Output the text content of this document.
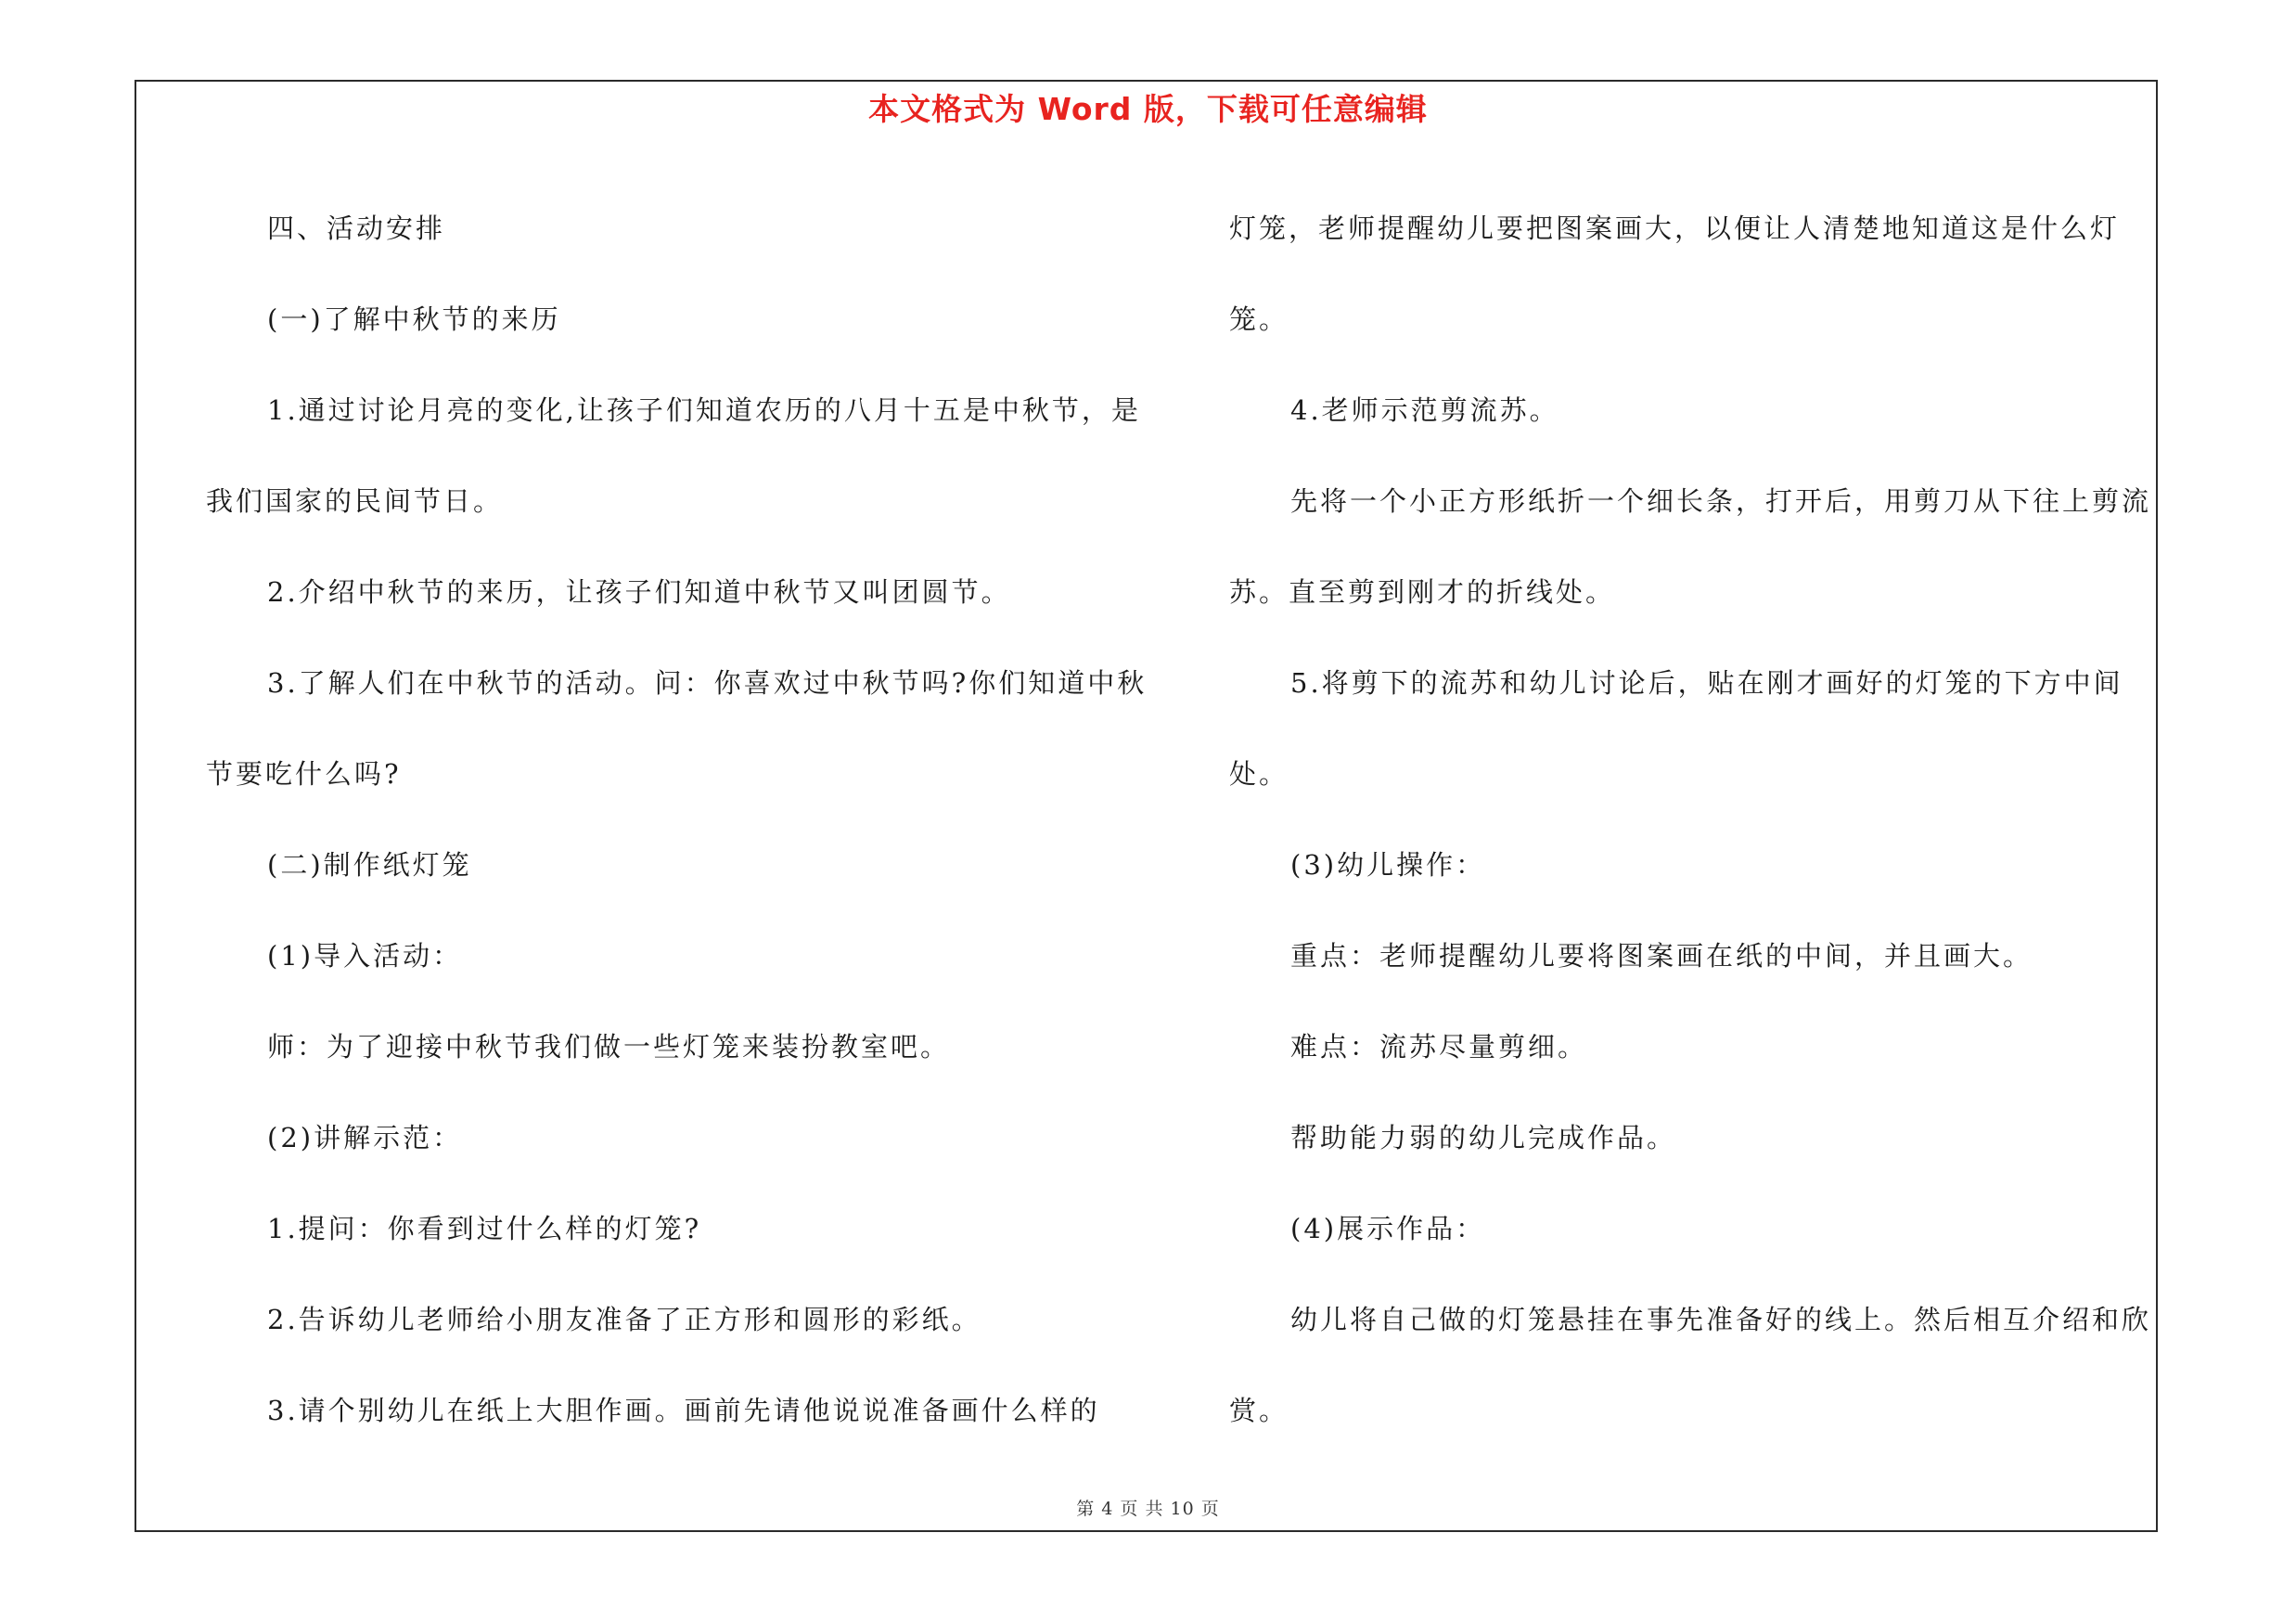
本文格式为 Word 版，下载可任意编辑

四、活动安排

(一)了解中秋节的来历

1.通过讨论月亮的变化,让孩子们知道农历的八月十五是中秋节，是我们国家的民间节日。

2.介绍中秋节的来历，让孩子们知道中秋节又叫团圆节。

3.了解人们在中秋节的活动。问：你喜欢过中秋节吗?你们知道中秋节要吃什么吗?

(二)制作纸灯笼

(1)导入活动：

师：为了迎接中秋节我们做一些灯笼来装扮教室吧。

(2)讲解示范：

1.提问：你看到过什么样的灯笼?

2.告诉幼儿老师给小朋友准备了正方形和圆形的彩纸。

3.请个别幼儿在纸上大胆作画。画前先请他说说准备画什么样的

灯笼，老师提醒幼儿要把图案画大，以便让人清楚地知道这是什么灯笼。

4.老师示范剪流苏。

先将一个小正方形纸折一个细长条，打开后，用剪刀从下往上剪流苏。直至剪到刚才的折线处。

5.将剪下的流苏和幼儿讨论后，贴在刚才画好的灯笼的下方中间处。

(3)幼儿操作：

重点：老师提醒幼儿要将图案画在纸的中间，并且画大。

难点：流苏尽量剪细。

帮助能力弱的幼儿完成作品。

(4)展示作品：

幼儿将自己做的灯笼悬挂在事先准备好的线上。然后相互介绍和欣赏。

第 4 页 共 10 页
